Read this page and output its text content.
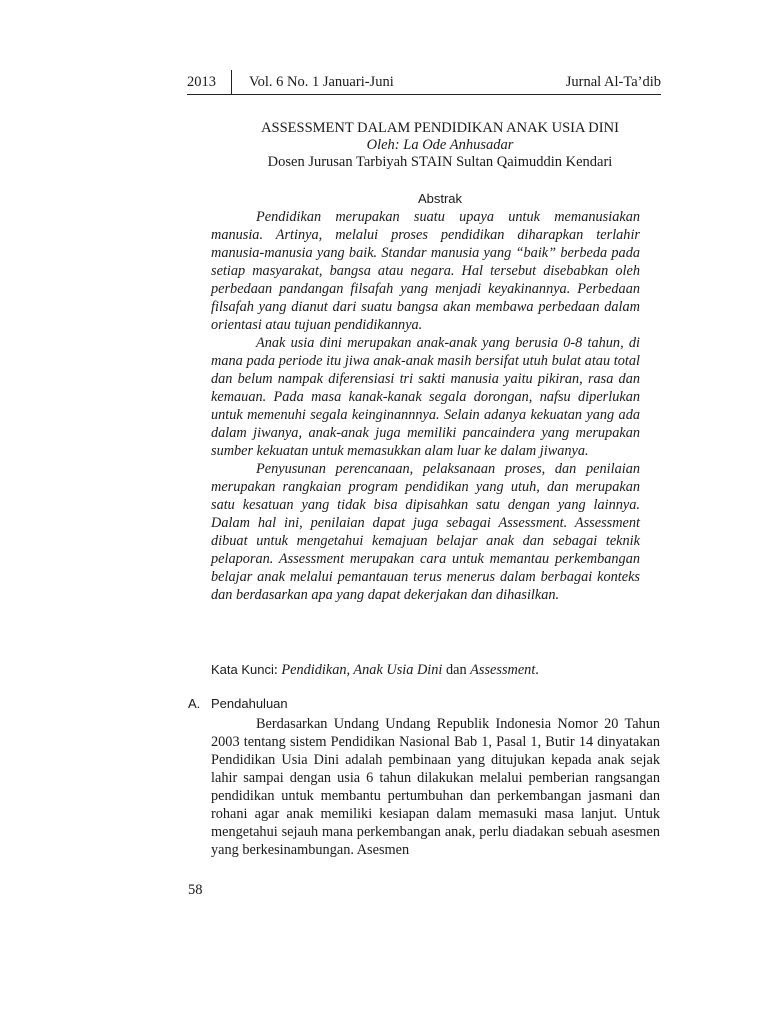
2013 Vol. 6 No. 1 Januari-Juni	Jurnal Al-Ta’dib
ASSESSMENT DALAM PENDIDIKAN ANAK USIA DINI
Oleh: La Ode Anhusadar
Dosen Jurusan Tarbiyah STAIN Sultan Qaimuddin Kendari
Abstrak

Pendidikan merupakan suatu upaya untuk memanusiakan manusia. Artinya, melalui proses pendidikan diharapkan terlahir manusia-manusia yang baik. Standar manusia yang “baik” berbeda pada setiap masyarakat, bangsa atau negara. Hal tersebut disebabkan oleh perbedaan pandangan filsafah yang menjadi keyakinannya. Perbedaan filsafah yang dianut dari suatu bangsa akan membawa perbedaan dalam orientasi atau tujuan pendidikannya.

Anak usia dini merupakan anak-anak yang berusia 0-8 tahun, di mana pada periode itu jiwa anak-anak masih bersifat utuh bulat atau total dan belum nampak diferensiasi tri sakti manusia yaitu pikiran, rasa dan kemauan. Pada masa kanak-kanak segala dorongan, nafsu diperlukan untuk memenuhi segala keinginannnya. Selain adanya kekuatan yang ada dalam jiwanya, anak-anak juga memiliki pancaindera yang merupakan sumber kekuatan untuk memasukkan alam luar ke dalam jiwanya.

Penyusunan perencanaan, pelaksanaan proses, dan penilaian merupakan rangkaian program pendidikan yang utuh, dan merupakan satu kesatuan yang tidak bisa dipisahkan satu dengan yang lainnya. Dalam hal ini, penilaian dapat juga sebagai Assessment. Assessment dibuat untuk mengetahui kemajuan belajar anak dan sebagai teknik pelaporan. Assessment merupakan cara untuk memantau perkembangan belajar anak melalui pemantauan terus menerus dalam berbagai konteks dan berdasarkan apa yang dapat dekerjakan dan dihasilkan.

Kata Kunci: Pendidikan, Anak Usia Dini dan Assessment.
A. Pendahuluan

Berdasarkan Undang Undang Republik Indonesia Nomor 20 Tahun 2003 tentang sistem Pendidikan Nasional Bab 1, Pasal 1, Butir 14 dinyatakan Pendidikan Usia Dini adalah pembinaan yang ditujukan kepada anak sejak lahir sampai dengan usia 6 tahun dilakukan melalui pemberian rangsangan pendidikan untuk membantu pertumbuhan dan perkembangan jasmani dan rohani agar anak memiliki kesiapan dalam memasuki masa lanjut. Untuk mengetahui sejauh mana perkembangan anak, perlu diadakan sebuah asesmen yang berkesinambungan. Asesmen

58
